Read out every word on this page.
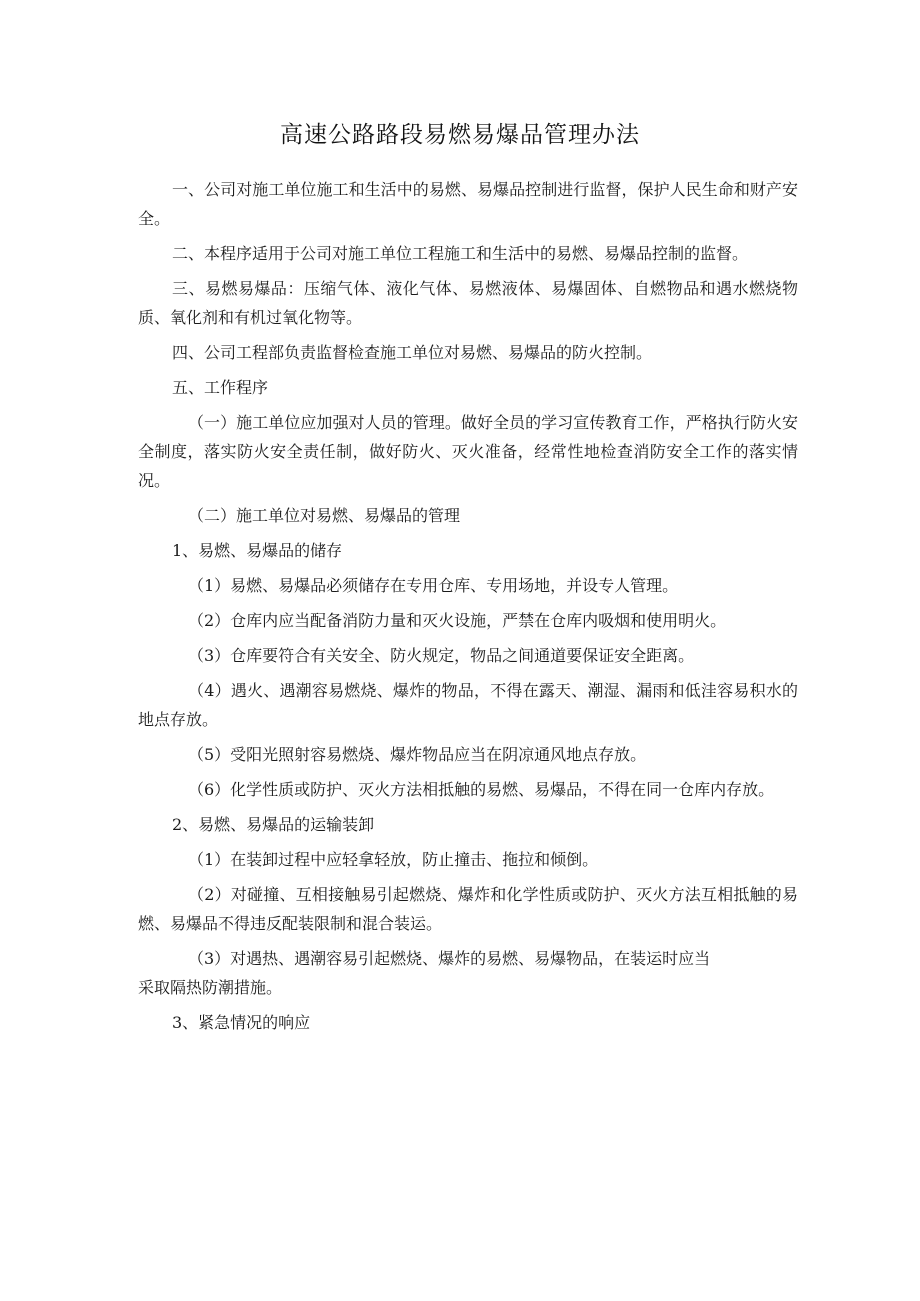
高速公路路段易燃易爆品管理办法

一、公司对施工单位施工和生活中的易燃、易爆品控制进行监督，保护人民生命和财产安全。

二、本程序适用于公司对施工单位工程施工和生活中的易燃、易爆品控制的监督。

三、易燃易爆品：压缩气体、液化气体、易燃液体、易爆固体、自燃物品和遇水燃烧物质、氧化剂和有机过氧化物等。

四、公司工程部负责监督检查施工单位对易燃、易爆品的防火控制。

五、工作程序

（一）施工单位应加强对人员的管理。做好全员的学习宣传教育工作，严格执行防火安全制度，落实防火安全责任制，做好防火、灭火准备，经常性地检查消防安全工作的落实情况。

（二）施工单位对易燃、易爆品的管理

1、易燃、易爆品的储存

（1）易燃、易爆品必须储存在专用仓库、专用场地，并设专人管理。

（2）仓库内应当配备消防力量和灭火设施，严禁在仓库内吸烟和使用明火。

（3）仓库要符合有关安全、防火规定，物品之间通道要保证安全距离。

（4）遇火、遇潮容易燃烧、爆炸的物品，不得在露天、潮湿、漏雨和低洼容易积水的地点存放。

（5）受阳光照射容易燃烧、爆炸物品应当在阴凉通风地点存放。

（6）化学性质或防护、灭火方法相抵触的易燃、易爆品，不得在同一仓库内存放。

2、易燃、易爆品的运输装卸

（1）在装卸过程中应轻拿轻放，防止撞击、拖拉和倾倒。

（2）对碰撞、互相接触易引起燃烧、爆炸和化学性质或防护、灭火方法互相抵触的易燃、易爆品不得违反配装限制和混合装运。

（3）对遇热、遇潮容易引起燃烧、爆炸的易燃、易爆物品，在装运时应当

采取隔热防潮措施。

3、紧急情况的响应
